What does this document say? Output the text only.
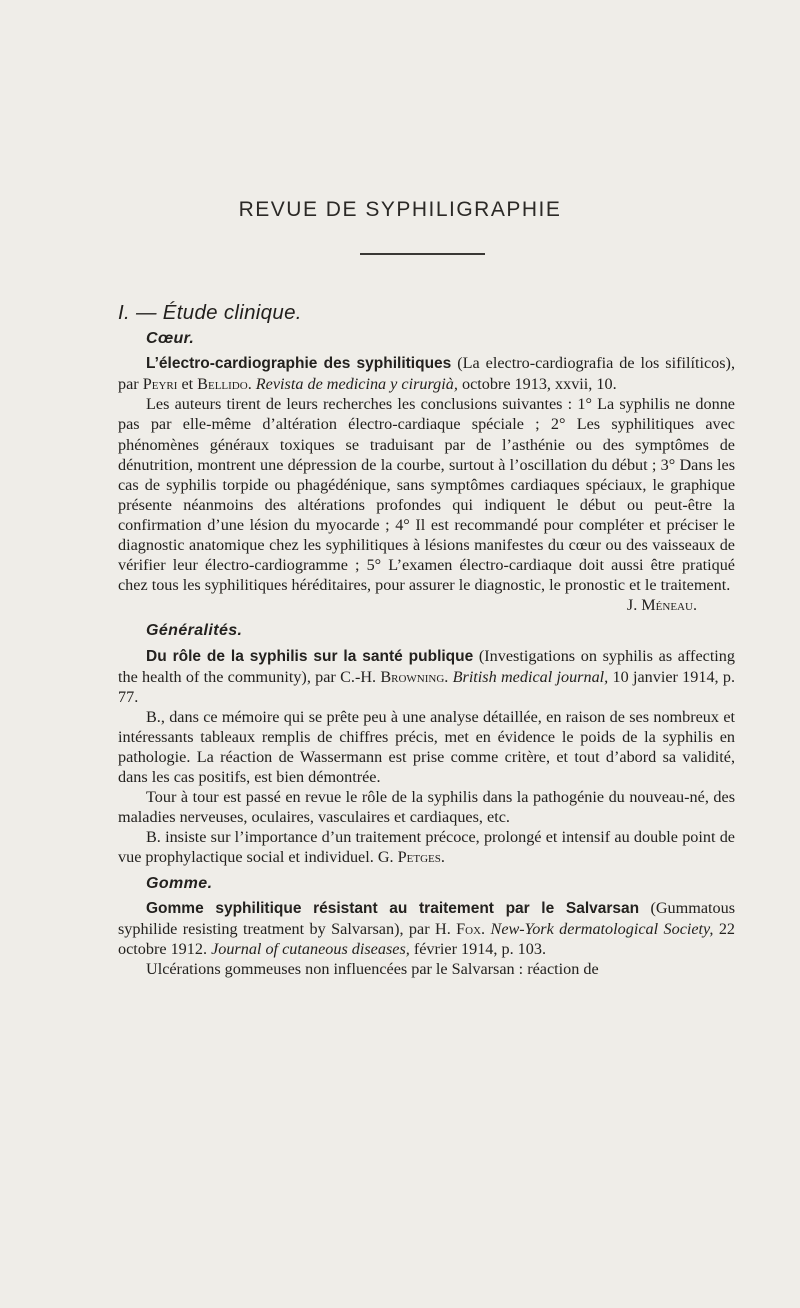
REVUE DE SYPHILIGRAPHIE
I. — Étude clinique.
Cœur.

L’électro-cardiographie des syphilitiques (La electro-cardiografia de los sifilíticos), par Peyri et Bellido. Revista de medicina y cirurgià, octobre 1913, xxvii, 10.

Les auteurs tirent de leurs recherches les conclusions suivantes : 1° La syphilis ne donne pas par elle-même d’altération électro-cardiaque spéciale ; 2° Les syphilitiques avec phénomènes généraux toxiques se traduisant par de l’asthénie ou des symptômes de dénutrition, montrent une dépression de la courbe, surtout à l’oscillation du début ; 3° Dans les cas de syphilis torpide ou phagédénique, sans symptômes cardiaques spéciaux, le graphique présente néanmoins des altérations profondes qui indiquent le début ou peut-être la confirmation d’une lésion du myocarde ; 4° Il est recommandé pour compléter et préciser le diagnostic anatomique chez les syphilitiques à lésions manifestes du cœur ou des vaisseaux de vérifier leur électro-cardiogramme ; 5° L’examen électro-cardiaque doit aussi être pratiqué chez tous les syphilitiques héréditaires, pour assurer le diagnostic, le pronostic et le traitement.

J. Méneau.

Généralités.

Du rôle de la syphilis sur la santé publique (Investigations on syphilis as affecting the health of the community), par C.-H. Browning. British medical journal, 10 janvier 1914, p. 77.

B., dans ce mémoire qui se prête peu à une analyse détaillée, en raison de ses nombreux et intéressants tableaux remplis de chiffres précis, met en évidence le poids de la syphilis en pathologie. La réaction de Wassermann est prise comme critère, et tout d’abord sa validité, dans les cas positifs, est bien démontrée.

Tour à tour est passé en revue le rôle de la syphilis dans la pathogénie du nouveau-né, des maladies nerveuses, oculaires, vasculaires et cardiaques, etc.

B. insiste sur l’importance d’un traitement précoce, prolongé et intensif au double point de vue prophylactique social et individuel. G. Petges.

Gomme.

Gomme syphilitique résistant au traitement par le Salvarsan (Gummatous syphilide resisting treatment by Salvarsan), par H. Fox. New-York dermatological Society, 22 octobre 1912. Journal of cutaneous diseases, février 1914, p. 103.

Ulcérations gommeuses non influencées par le Salvarsan : réaction de
